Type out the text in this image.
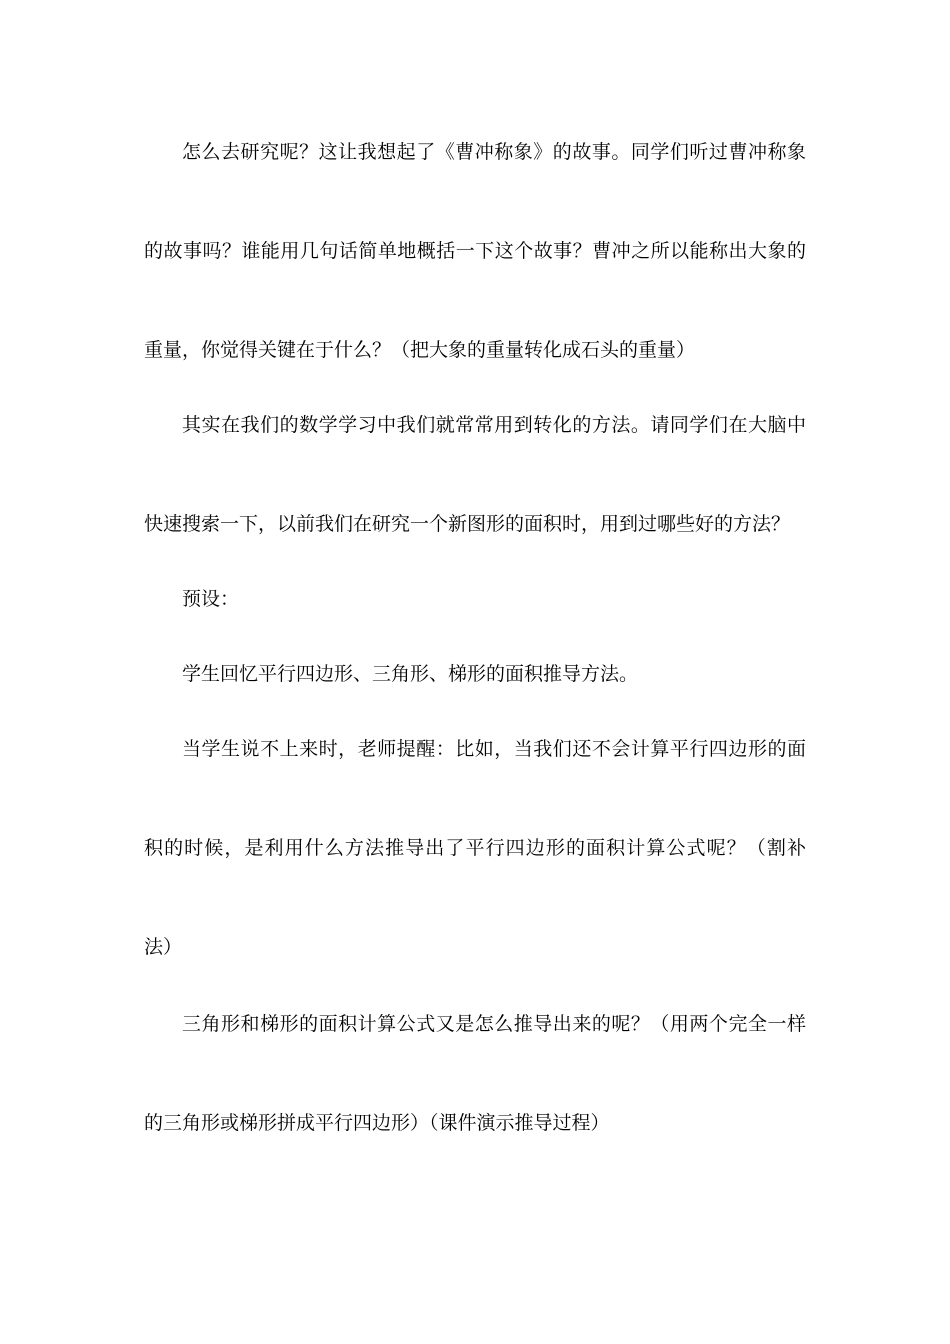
怎么去研究呢？这让我想起了《曹冲称象》的故事。同学们听过曹冲称象
的故事吗？谁能用几句话简单地概括一下这个故事？曹冲之所以能称出大象的
重量，你觉得关键在于什么？（把大象的重量转化成石头的重量）
其实在我们的数学学习中我们就常常用到转化的方法。请同学们在大脑中
快速搜索一下，以前我们在研究一个新图形的面积时，用到过哪些好的方法？
预设：
学生回忆平行四边形、三角形、梯形的面积推导方法。
当学生说不上来时，老师提醒：比如，当我们还不会计算平行四边形的面
积的时候，是利用什么方法推导出了平行四边形的面积计算公式呢？（割补
法）
三角形和梯形的面积计算公式又是怎么推导出来的呢？（用两个完全一样
的三角形或梯形拼成平行四边形）（课件演示推导过程）
